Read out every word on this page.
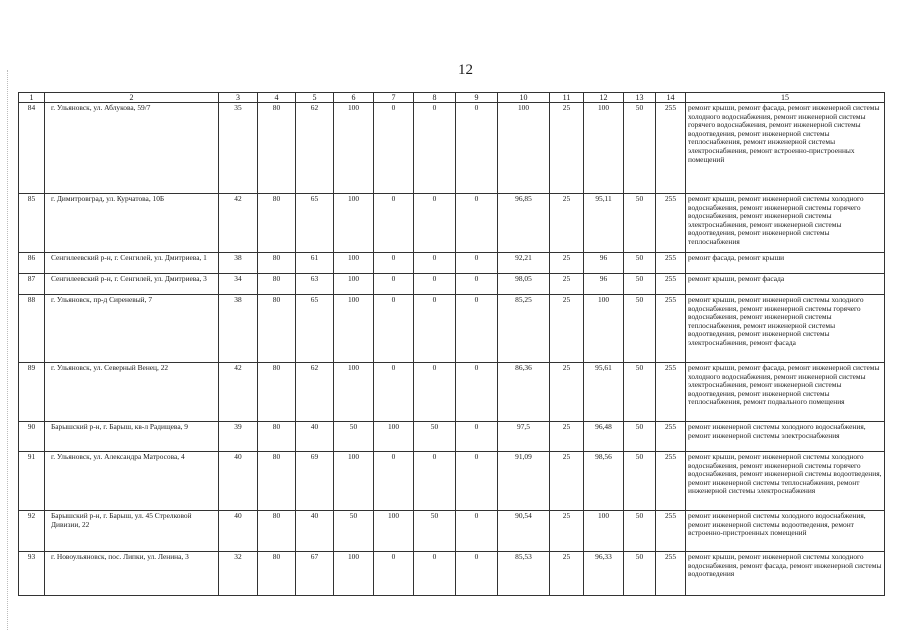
12
1	2	3	4	5	6	7	8	9	10	11	12	13	14	15
84	г. Ульяновск, ул. Аблукова, 59/7	35	80	62	100	0	0	0	100	25	100	50	255	ремонт крыши, ремонт фасада, ремонт инженерной системы холодного водоснабжения, ремонт инженерной системы горячего водоснабжения, ремонт инженерной системы водоотведения, ремонт инженерной системы теплоснабжения, ремонт инженерной системы электроснабжения, ремонт встроенно-пристроенных помещений
85	г. Димитровград, ул. Курчатова, 10Б	42	80	65	100	0	0	0	96,85	25	95,11	50	255	ремонт крыши, ремонт инженерной системы холодного водоснабжения, ремонт инженерной системы горячего водоснабжения, ремонт инженерной системы электроснабжения, ремонт инженерной системы водоотведения, ремонт инженерной системы теплоснабжения
86	Сенгилеевский р-н, г. Сенгилей, ул. Дмитриева, 1	38	80	61	100	0	0	0	92,21	25	96	50	255	ремонт фасада, ремонт крыши
87	Сенгилеевский р-н, г. Сенгилей, ул. Дмитриева, 3	34	80	63	100	0	0	0	98,05	25	96	50	255	ремонт крыши, ремонт фасада
88	г. Ульяновск, пр-д Сиреневый, 7	38	80	65	100	0	0	0	85,25	25	100	50	255	ремонт крыши, ремонт инженерной системы холодного водоснабжения, ремонт инженерной системы горячего водоснабжения, ремонт инженерной системы теплоснабжения, ремонт инженерной системы водоотведения, ремонт инженерной системы электроснабжения, ремонт фасада
89	г. Ульяновск, ул. Северный Венец, 22	42	80	62	100	0	0	0	86,36	25	95,61	50	255	ремонт крыши, ремонт фасада, ремонт инженерной системы холодного водоснабжения, ремонт инженерной системы электроснабжения, ремонт инженерной системы водоотведения, ремонт инженерной системы теплоснабжения, ремонт подвального помещения
90	Барышский р-н, г. Барыш, кв-л Радищева, 9	39	80	40	50	100	50	0	97,5	25	96,48	50	255	ремонт инженерной системы холодного водоснабжения, ремонт инженерной системы электроснабжения
91	г. Ульяновск, ул. Александра Матросова, 4	40	80	69	100	0	0	0	91,09	25	98,56	50	255	ремонт крыши, ремонт инженерной системы холодного водоснабжения, ремонт инженерной системы горячего водоснабжения, ремонт инженерной системы водоотведения, ремонт инженерной системы теплоснабжения, ремонт инженерной системы электроснабжения
92	Барышский р-н, г. Барыш, ул. 45 Стрелковой Дивизии, 22	40	80	40	50	100	50	0	90,54	25	100	50	255	ремонт инженерной системы холодного водоснабжения, ремонт инженерной системы водоотведения, ремонт встроенно-пристроенных помещений
93	г. Новоульяновск, пос. Липки, ул. Ленина, 3	32	80	67	100	0	0	0	85,53	25	96,33	50	255	ремонт крыши, ремонт инженерной системы холодного водоснабжения, ремонт фасада, ремонт инженерной системы водоотведения
